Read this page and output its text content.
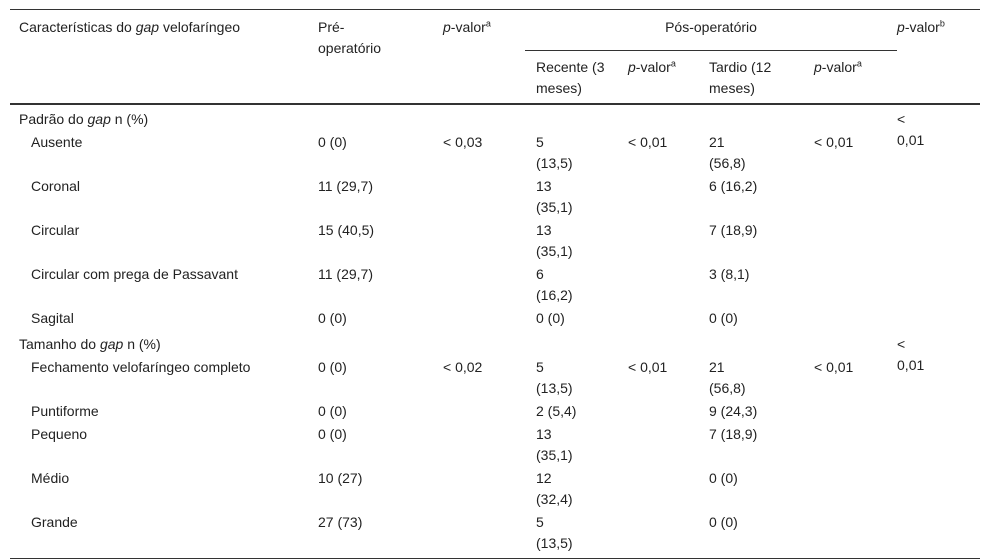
Características do gap velofaríngeo	Pré-operatório	p-valor$^a$	Pós-operatório				p-valor$^b$
			Recente (3 meses)	p-valor$^a$	Tardio (12 meses)	p-valor$^a$
Padrão do gap n (%)							< 0,01
Ausente	0 (0)	< 0,03	5 (13,5)	< 0,01	21 (56,8)	< 0,01	
Coronal	11 (29,7)		13 (35,1)		6 (16,2)		
Circular	15 (40,5)		13 (35,1)		7 (18,9)		
Circular com prega de Passavant	11 (29,7)		6 (16,2)		3 (8,1)		
Sagital	0 (0)		0 (0)		0 (0)		
Tamanho do gap n (%)							< 0,01
Fechamento velofaríngeo completo	0 (0)	< 0,02	5 (13,5)	< 0,01	21 (56,8)	< 0,01	
Puntiforme	0 (0)		2 (5,4)		9 (24,3)		
Pequeno	0 (0)		13 (35,1)		7 (18,9)		
Médio	10 (27)		12 (32,4)		0 (0)		
Grande	27 (73)		5 (13,5)		0 (0)		
